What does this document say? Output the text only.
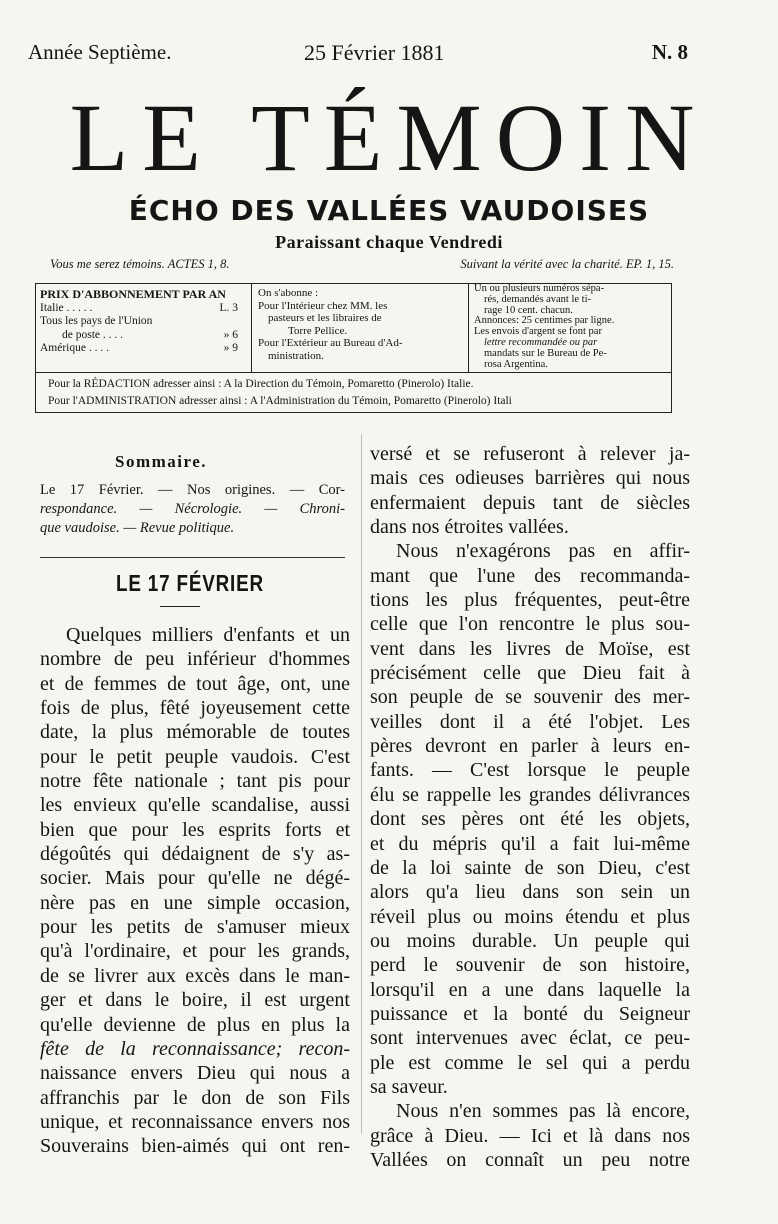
Année Septième.	25 Février 1881	N. 8
LE TÉMOIN
ÉCHO DES VALLÉES VAUDOISES
Paraissant chaque Vendredi
Vous me serez témoins. ACTES 1, 8.	Suivant la vérité avec la charité. EP. 1, 15.

PRIX D'ABBONNEMENT PAR AN

Italie . . . . .	L. 3
Tous les pays de l'Union
de poste . . . .	» 6
Amérique . . . .	» 9

On s'abonne :

Pour l'Intérieur chez MM. les

pasteurs et les libraires de

Torre Pellice.

Pour l'Extérieur au Bureau d'Ad-

ministration.

Un ou plusieurs numéros sépa-

rés, demandés avant le ti-

rage 10 cent. chacun.

Annonces: 25 centimes par ligne.

Les envois d'argent se font par

lettre recommandée ou par

mandats sur le Bureau de Pe-

rosa Argentina.

Pour la RÉDACTION adresser ainsi : A la Direction du Témoin, Pomaretto (Pinerolo) Italie.
Pour l'ADMINISTRATION adresser ainsi : A l'Administration du Témoin, Pomaretto (Pinerolo) Itali
Sommaire.
Le 17 Février. — Nos origines. — Cor-
respondance. — Nécrologie. — Chroni-
que vaudoise. — Revue politique.
LE 17 FÉVRIER
Quelques milliers d'enfants et un
nombre de peu inférieur d'hommes
et de femmes de tout âge, ont, une
fois de plus, fêté joyeusement cette
date, la plus mémorable de toutes
pour le petit peuple vaudois. C'est
notre fête nationale ; tant pis pour
les envieux qu'elle scandalise, aussi
bien que pour les esprits forts et
dégoûtés qui dédaignent de s'y as-
socier. Mais pour qu'elle ne dégé-
nère pas en une simple occasion,
pour les petits de s'amuser mieux
qu'à l'ordinaire, et pour les grands,
de se livrer aux excès dans le man-
ger et dans le boire, il est urgent
qu'elle devienne de plus en plus la
fête de la reconnaissance; recon-
naissance envers Dieu qui nous a
affranchis par le don de son Fils
unique, et reconnaissance envers nos
Souverains bien-aimés qui ont ren-
versé et se refuseront à relever ja-
mais ces odieuses barrières qui nous
enfermaient depuis tant de siècles
dans nos étroites vallées.
Nous n'exagérons pas en affir-
mant que l'une des recommanda-
tions les plus fréquentes, peut-être
celle que l'on rencontre le plus sou-
vent dans les livres de Moïse, est
précisément celle que Dieu fait à
son peuple de se souvenir des mer-
veilles dont il a été l'objet. Les
pères devront en parler à leurs en-
fants. — C'est lorsque le peuple
élu se rappelle les grandes délivrances
dont ses pères ont été les objets,
et du mépris qu'il a fait lui-même
de la loi sainte de son Dieu, c'est
alors qu'a lieu dans son sein un
réveil plus ou moins étendu et plus
ou moins durable. Un peuple qui
perd le souvenir de son histoire,
lorsqu'il en a une dans laquelle la
puissance et la bonté du Seigneur
sont intervenues avec éclat, ce peu-
ple est comme le sel qui a perdu
sa saveur.
Nous n'en sommes pas là encore,
grâce à Dieu. — Ici et là dans nos
Vallées on connaît un peu notre
